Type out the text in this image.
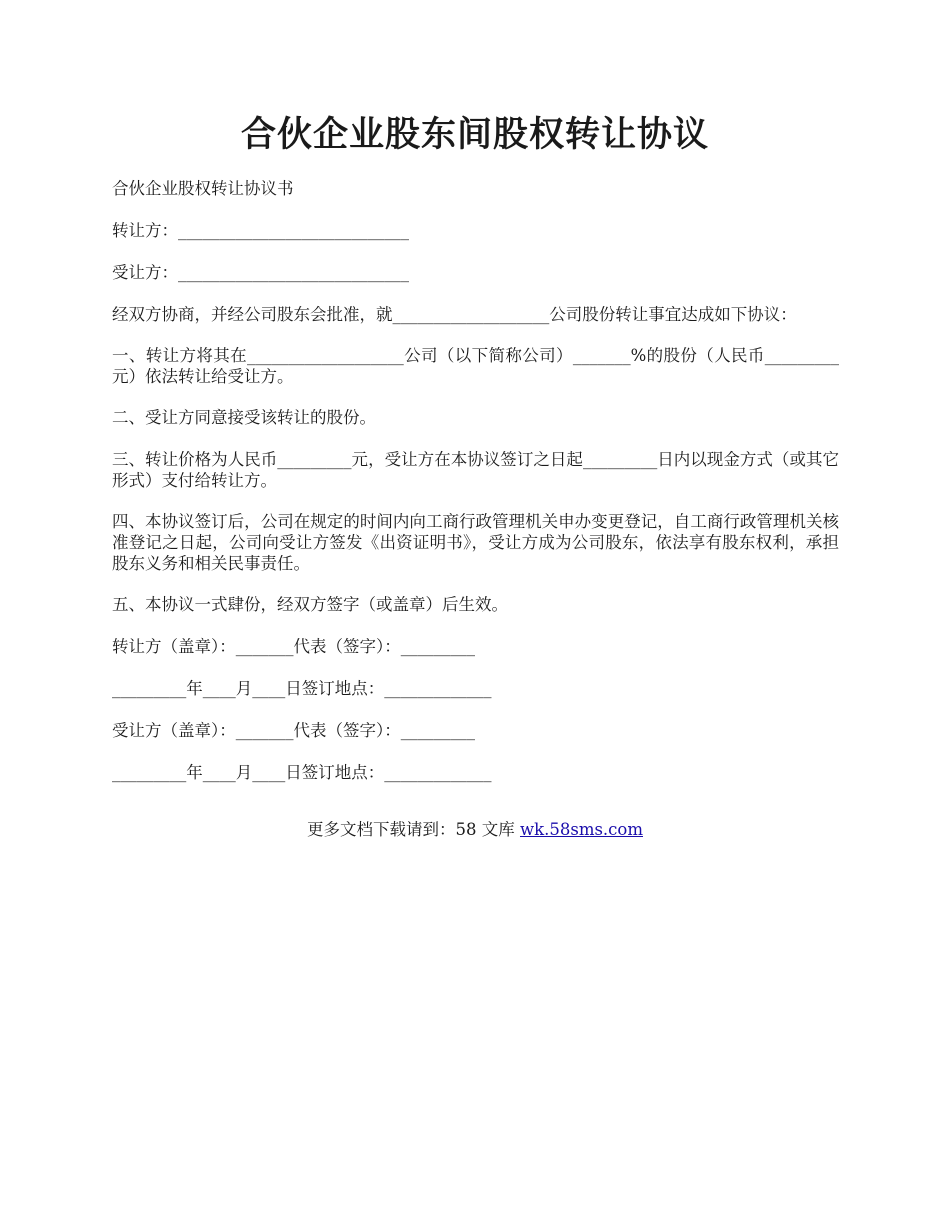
合伙企业股东间股权转让协议

合伙企业股权转让协议书

转让方：____________________________

受让方：____________________________

经双方协商，并经公司股东会批准，就___________________公司股份转让事宜达成如下协议：

一、转让方将其在___________________公司（以下简称公司）_______%的股份（人民币_________元）依法转让给受让方。

二、受让方同意接受该转让的股份。

三、转让价格为人民币_________元，受让方在本协议签订之日起_________日内以现金方式（或其它形式）支付给转让方。

四、本协议签订后，公司在规定的时间内向工商行政管理机关申办变更登记，自工商行政管理机关核准登记之日起，公司向受让方签发《出资证明书》，受让方成为公司股东，依法享有股东权利，承担股东义务和相关民事责任。

五、本协议一式肆份，经双方签字（或盖章）后生效。

转让方（盖章）：_______代表（签字）：_________

_________年____月____日签订地点：_____________

受让方（盖章）：_______代表（签字）：_________

_________年____月____日签订地点：_____________

更多文档下载请到：58 文库 wk.58sms.com
